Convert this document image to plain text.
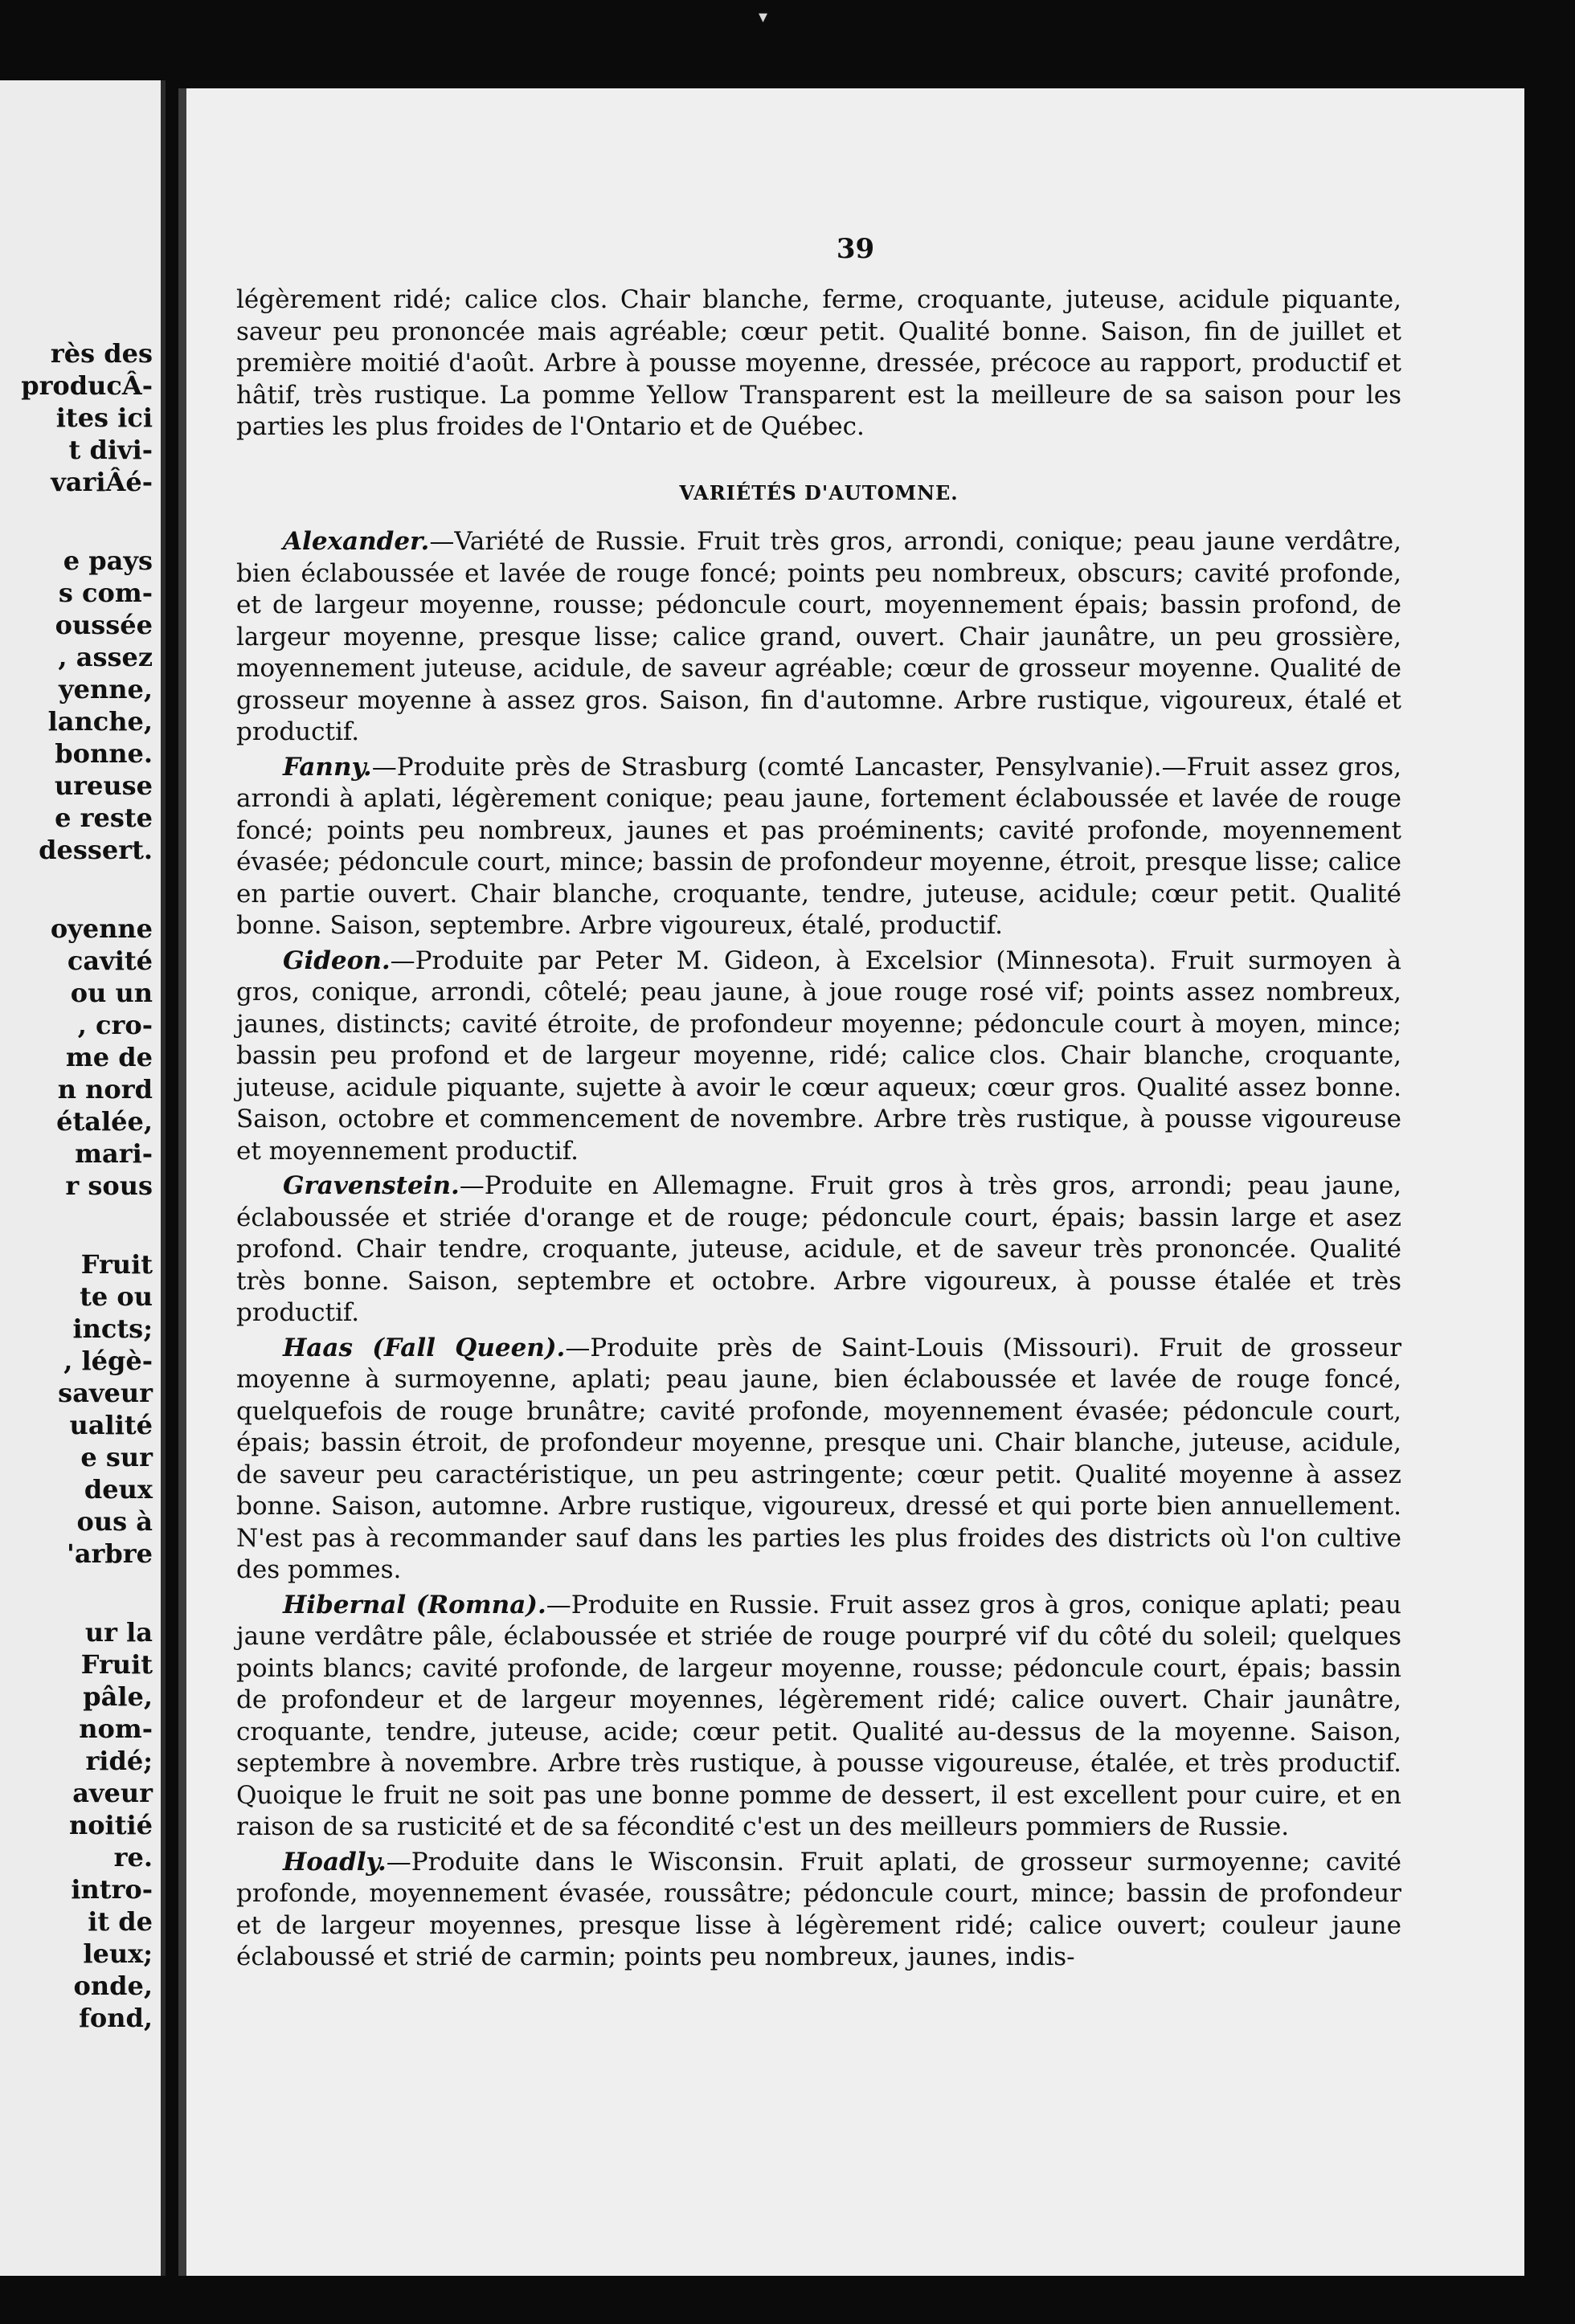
▾
rès des
producÂ-
ites ici
t divi-
variÂé-
e pays
s com-
oussée
, assez
yenne,
lanche,
bonne.
ureuse
e reste
dessert.
oyenne
cavité
ou un
, cro-
me de
n nord
étalée,
mari-
r sous
Fruit
te ou
incts;
, légè-
saveur
ualité
e sur
deux
ous à
'arbre
ur la
Fruit
pâle,
nom-
ridé;
aveur
noitié
re.
intro-
it de
leux;
onde,
fond,
39

légèrement ridé; calice clos. Chair blanche, ferme, croquante, juteuse, acidule piquante, saveur peu prononcée mais agréable; cœur petit. Qualité bonne. Saison, fin de juillet et première moitié d'août. Arbre à pousse moyenne, dressée, précoce au rapport, productif et hâtif, très rustique. La pomme Yellow Transparent est la meilleure de sa saison pour les parties les plus froides de l'Ontario et de Québec.

VARIÉTÉS D'AUTOMNE.

Alexander.—Variété de Russie. Fruit très gros, arrondi, conique; peau jaune verdâtre, bien éclaboussée et lavée de rouge foncé; points peu nombreux, obscurs; cavité profonde, et de largeur moyenne, rousse; pédoncule court, moyennement épais; bassin profond, de largeur moyenne, presque lisse; calice grand, ouvert. Chair jaunâtre, un peu grossière, moyennement juteuse, acidule, de saveur agréable; cœur de grosseur moyenne. Qualité de grosseur moyenne à assez gros. Saison, fin d'automne. Arbre rustique, vigoureux, étalé et productif.

Fanny.—Produite près de Strasburg (comté Lancaster, Pensylvanie).—Fruit assez gros, arrondi à aplati, légèrement conique; peau jaune, fortement éclaboussée et lavée de rouge foncé; points peu nombreux, jaunes et pas proéminents; cavité profonde, moyennement évasée; pédoncule court, mince; bassin de profondeur moyenne, étroit, presque lisse; calice en partie ouvert. Chair blanche, croquante, tendre, juteuse, acidule; cœur petit. Qualité bonne. Saison, septembre. Arbre vigoureux, étalé, productif.

Gideon.—Produite par Peter M. Gideon, à Excelsior (Minnesota). Fruit surmoyen à gros, conique, arrondi, côtelé; peau jaune, à joue rouge rosé vif; points assez nombreux, jaunes, distincts; cavité étroite, de profondeur moyenne; pédoncule court à moyen, mince; bassin peu profond et de largeur moyenne, ridé; calice clos. Chair blanche, croquante, juteuse, acidule piquante, sujette à avoir le cœur aqueux; cœur gros. Qualité assez bonne. Saison, octobre et commencement de novembre. Arbre très rustique, à pousse vigoureuse et moyennement productif.

Gravenstein.—Produite en Allemagne. Fruit gros à très gros, arrondi; peau jaune, éclaboussée et striée d'orange et de rouge; pédoncule court, épais; bassin large et asez profond. Chair tendre, croquante, juteuse, acidule, et de saveur très prononcée. Qualité très bonne. Saison, septembre et octobre. Arbre vigoureux, à pousse étalée et très productif.

Haas (Fall Queen).—Produite près de Saint-Louis (Missouri). Fruit de grosseur moyenne à surmoyenne, aplati; peau jaune, bien éclaboussée et lavée de rouge foncé, quelquefois de rouge brunâtre; cavité profonde, moyennement évasée; pédoncule court, épais; bassin étroit, de profondeur moyenne, presque uni. Chair blanche, juteuse, acidule, de saveur peu caractéristique, un peu astringente; cœur petit. Qualité moyenne à assez bonne. Saison, automne. Arbre rustique, vigoureux, dressé et qui porte bien annuellement. N'est pas à recommander sauf dans les parties les plus froides des districts où l'on cultive des pommes.

Hibernal (Romna).—Produite en Russie. Fruit assez gros à gros, conique aplati; peau jaune verdâtre pâle, éclaboussée et striée de rouge pourpré vif du côté du soleil; quelques points blancs; cavité profonde, de largeur moyenne, rousse; pédoncule court, épais; bassin de profondeur et de largeur moyennes, légèrement ridé; calice ouvert. Chair jaunâtre, croquante, tendre, juteuse, acide; cœur petit. Qualité au-dessus de la moyenne. Saison, septembre à novembre. Arbre très rustique, à pousse vigoureuse, étalée, et très productif. Quoique le fruit ne soit pas une bonne pomme de dessert, il est excellent pour cuire, et en raison de sa rusticité et de sa fécondité c'est un des meilleurs pommiers de Russie.

Hoadly.—Produite dans le Wisconsin. Fruit aplati, de grosseur surmoyenne; cavité profonde, moyennement évasée, roussâtre; pédoncule court, mince; bassin de profondeur et de largeur moyennes, presque lisse à légèrement ridé; calice ouvert; couleur jaune éclaboussé et strié de carmin; points peu nombreux, jaunes, indis-
